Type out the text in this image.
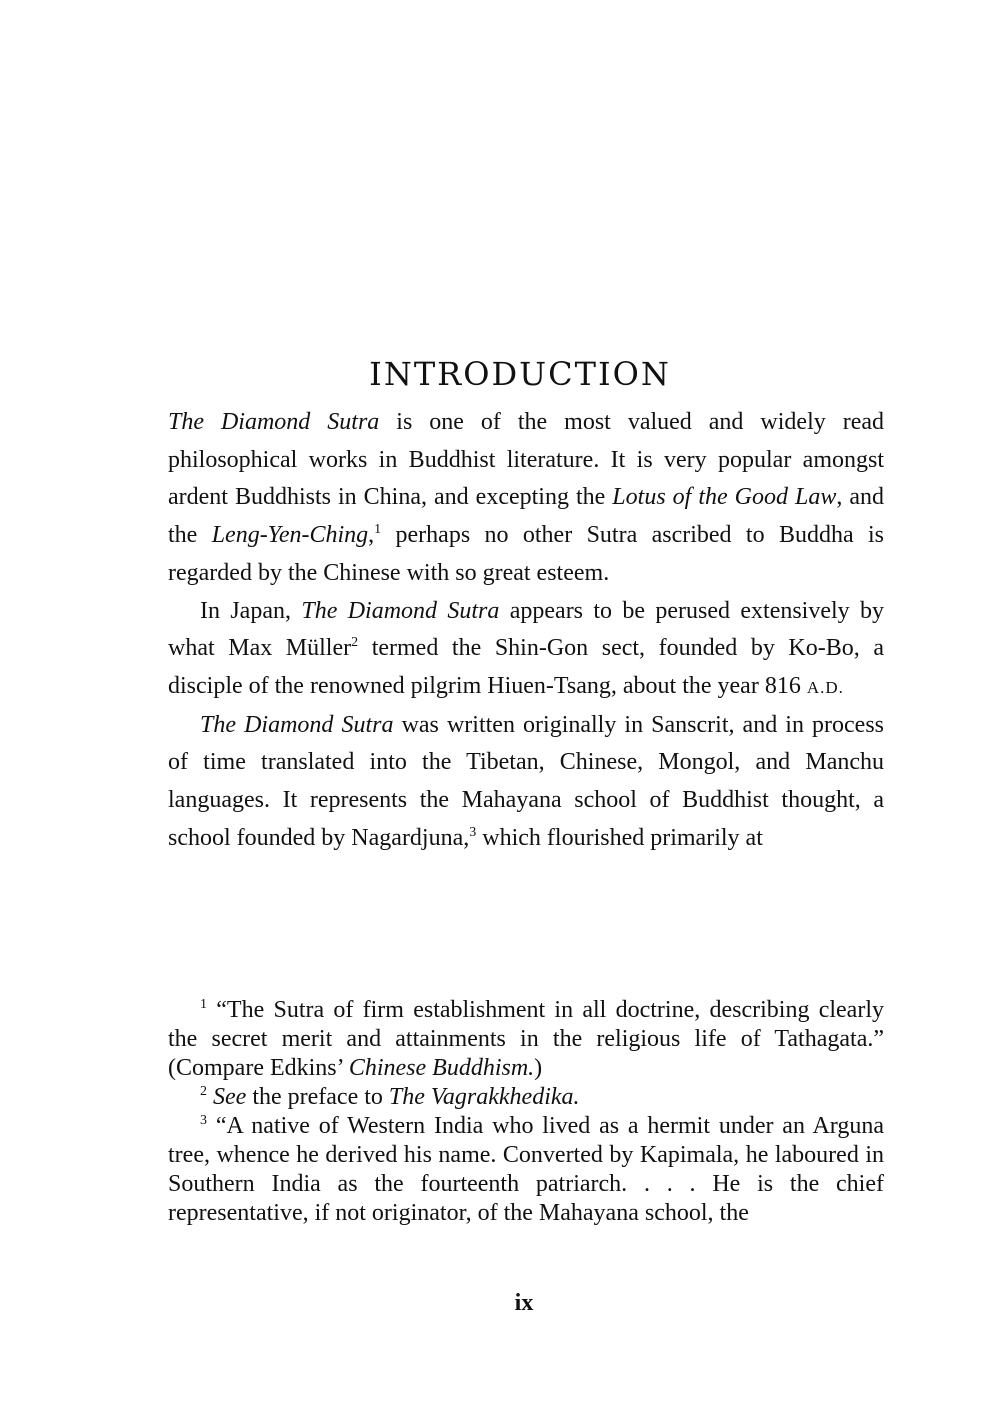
INTRODUCTION

The Diamond Sutra is one of the most valued and widely read philosophical works in Buddhist literature. It is very popular amongst ardent Buddhists in China, and excepting the Lotus of the Good Law, and the Leng-Yen-Ching,$^1$ perhaps no other Sutra ascribed to Buddha is regarded by the Chinese with so great esteem.

In Japan, The Diamond Sutra appears to be perused extensively by what Max Müller$^2$ termed the Shin-Gon sect, founded by Ko-Bo, a disciple of the renowned pilgrim Hiuen-Tsang, about the year 816 A.D.

The Diamond Sutra was written originally in Sanscrit, and in process of time translated into the Tibetan, Chinese, Mongol, and Manchu languages. It represents the Mahayana school of Buddhist thought, a school founded by Nagardjuna,$^3$ which flourished primarily at

$^1$ “The Sutra of firm establishment in all doctrine, describing clearly the secret merit and attainments in the religious life of Tathagata.” (Compare Edkins’ Chinese Buddhism.)

$^2$ See the preface to The Vagrakkhedika.

$^3$ “A native of Western India who lived as a hermit under an Arguna tree, whence he derived his name. Converted by Kapimala, he laboured in Southern India as the fourteenth patriarch. . . . He is the chief representative, if not originator, of the Mahayana school, the

ix
